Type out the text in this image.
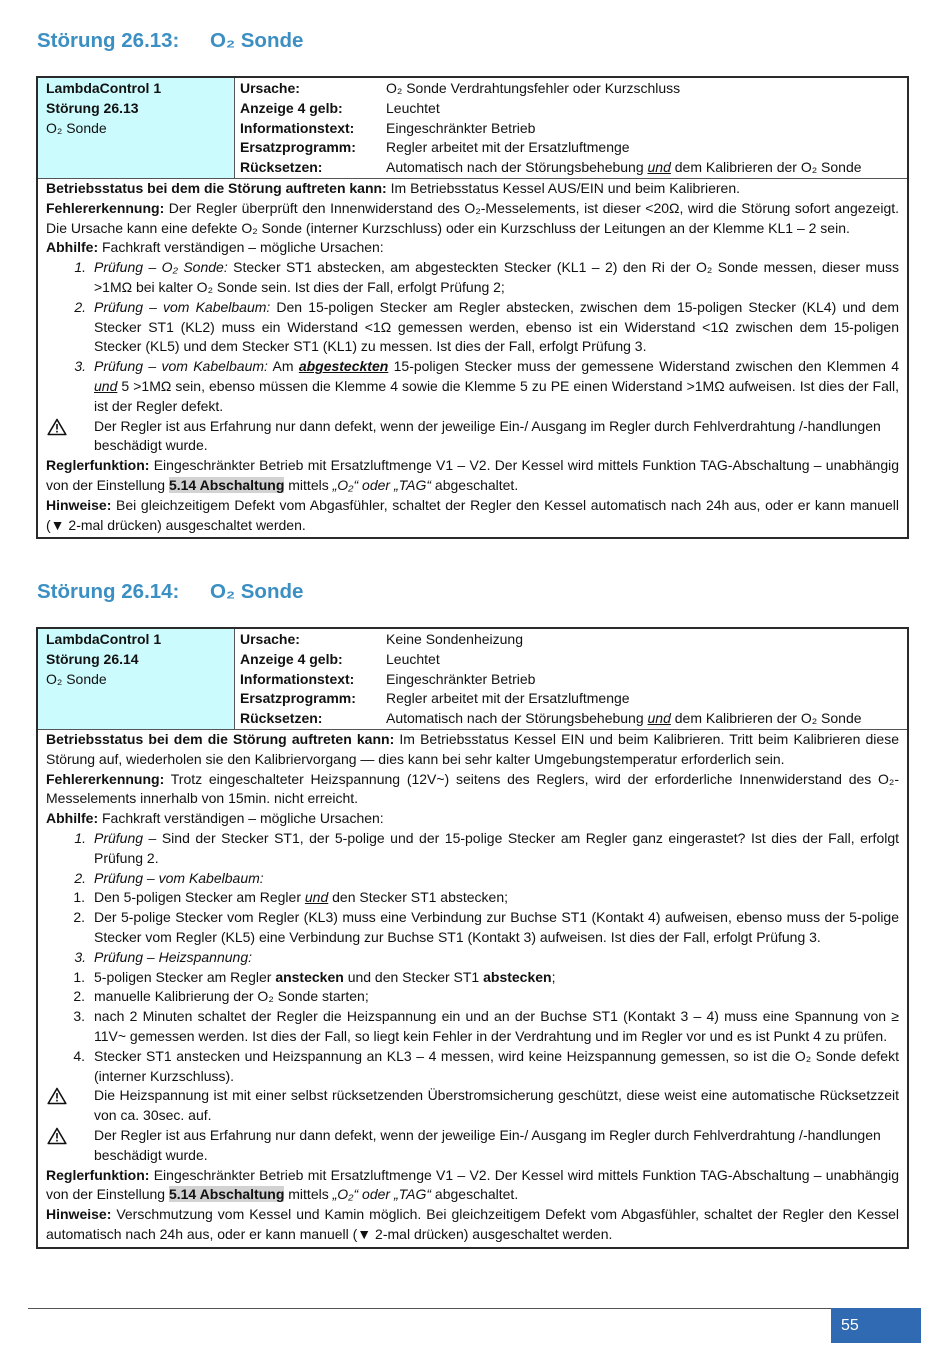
Störung 26.13: O₂ Sonde
LambdaControl 1
Störung 26.13
O₂ Sonde
Ursache:	O₂ Sonde Verdrahtungsfehler oder Kurzschluss
Anzeige 4 gelb:	Leuchtet
Informationstext:	Eingeschränkter Betrieb
Ersatzprogramm:	Regler arbeitet mit der Ersatzluftmenge
Rücksetzen:	Automatisch nach der Störungsbehebung und dem Kalibrieren der O₂ Sonde

Betriebsstatus bei dem die Störung auftreten kann: Im Betriebsstatus Kessel AUS/EIN und beim Kalibrieren.

Fehlererkennung: Der Regler überprüft den Innenwiderstand des O₂-Messelements, ist dieser <20Ω, wird die Störung sofort angezeigt. Die Ursache kann eine defekte O₂ Sonde (interner Kurzschluss) oder ein Kurzschluss der Leitungen an der Klemme KL1 – 2 sein.

Abhilfe: Fachkraft verständigen – mögliche Ursachen:

1. Prüfung – O₂ Sonde: Stecker ST1 abstecken, am abgesteckten Stecker (KL1 – 2) den Ri der O₂ Sonde messen, dieser muss >1MΩ bei kalter O₂ Sonde sein. Ist dies der Fall, erfolgt Prüfung 2;
2. Prüfung – vom Kabelbaum: Den 15-poligen Stecker am Regler abstecken, zwischen dem 15-poligen Stecker (KL4) und dem Stecker ST1 (KL2) muss ein Widerstand <1Ω gemessen werden, ebenso ist ein Widerstand <1Ω zwischen dem 15-poligen Stecker (KL5) und dem Stecker ST1 (KL1) zu messen. Ist dies der Fall, erfolgt Prüfung 3.
3. Prüfung – vom Kabelbaum: Am abgesteckten 15-poligen Stecker muss der gemessene Widerstand zwischen den Klemmen 4 und 5 >1MΩ sein, ebenso müssen die Klemme 4 sowie die Klemme 5 zu PE einen Widerstand >1MΩ aufweisen. Ist dies der Fall, ist der Regler defekt.
Der Regler ist aus Erfahrung nur dann defekt, wenn der jeweilige Ein-/ Ausgang im Regler durch Fehlverdrahtung /-handlungen beschädigt wurde.

Reglerfunktion: Eingeschränkter Betrieb mit Ersatzluftmenge V1 – V2. Der Kessel wird mittels Funktion TAG-Abschaltung – unabhängig von der Einstellung 5.14 Abschaltung mittels „O₂“ oder „TAG“ abgeschaltet.

Hinweise: Bei gleichzeitigem Defekt vom Abgasfühler, schaltet der Regler den Kessel automatisch nach 24h aus, oder er kann manuell (▼ 2-mal drücken) ausgeschaltet werden.

Störung 26.14: O₂ Sonde
LambdaControl 1
Störung 26.14
O₂ Sonde
Ursache:	Keine Sondenheizung
Anzeige 4 gelb:	Leuchtet
Informationstext:	Eingeschränkter Betrieb
Ersatzprogramm:	Regler arbeitet mit der Ersatzluftmenge
Rücksetzen:	Automatisch nach der Störungsbehebung und dem Kalibrieren der O₂ Sonde

Betriebsstatus bei dem die Störung auftreten kann: Im Betriebsstatus Kessel EIN und beim Kalibrieren. Tritt beim Kalibrieren diese Störung auf, wiederholen sie den Kalibriervorgang — dies kann bei sehr kalter Umgebungstemperatur erforderlich sein.

Fehlererkennung: Trotz eingeschalteter Heizspannung (12V~) seitens des Reglers, wird der erforderliche Innenwiderstand des O₂-Messelements innerhalb von 15min. nicht erreicht.

Abhilfe: Fachkraft verständigen – mögliche Ursachen:

1. Prüfung – Sind der Stecker ST1, der 5-polige und der 15-polige Stecker am Regler ganz eingerastet? Ist dies der Fall, erfolgt Prüfung 2.
2. Prüfung – vom Kabelbaum:
1. Den 5-poligen Stecker am Regler und den Stecker ST1 abstecken;
2. Der 5-polige Stecker vom Regler (KL3) muss eine Verbindung zur Buchse ST1 (Kontakt 4) aufweisen, ebenso muss der 5-polige Stecker vom Regler (KL5) eine Verbindung zur Buchse ST1 (Kontakt 3) aufweisen. Ist dies der Fall, erfolgt Prüfung 3.
3. Prüfung – Heizspannung:
1. 5-poligen Stecker am Regler anstecken und den Stecker ST1 abstecken;
2. manuelle Kalibrierung der O₂ Sonde starten;
3. nach 2 Minuten schaltet der Regler die Heizspannung ein und an der Buchse ST1 (Kontakt 3 – 4) muss eine Spannung von ≥ 11V~ gemessen werden. Ist dies der Fall, so liegt kein Fehler in der Verdrahtung und im Regler vor und es ist Punkt 4 zu prüfen.
4. Stecker ST1 anstecken und Heizspannung an KL3 – 4 messen, wird keine Heizspannung gemessen, so ist die O₂ Sonde defekt (interner Kurzschluss).
Die Heizspannung ist mit einer selbst rücksetzenden Überstromsicherung geschützt, diese weist eine automatische Rücksetzzeit von ca. 30sec. auf.
Der Regler ist aus Erfahrung nur dann defekt, wenn der jeweilige Ein-/ Ausgang im Regler durch Fehlverdrahtung /-handlungen beschädigt wurde.

Reglerfunktion: Eingeschränkter Betrieb mit Ersatzluftmenge V1 – V2. Der Kessel wird mittels Funktion TAG-Abschaltung – unabhängig von der Einstellung 5.14 Abschaltung mittels „O₂“ oder „TAG“ abgeschaltet.

Hinweise: Verschmutzung vom Kessel und Kamin möglich. Bei gleichzeitigem Defekt vom Abgasfühler, schaltet der Regler den Kessel automatisch nach 24h aus, oder er kann manuell (▼ 2-mal drücken) ausgeschaltet werden.

55
